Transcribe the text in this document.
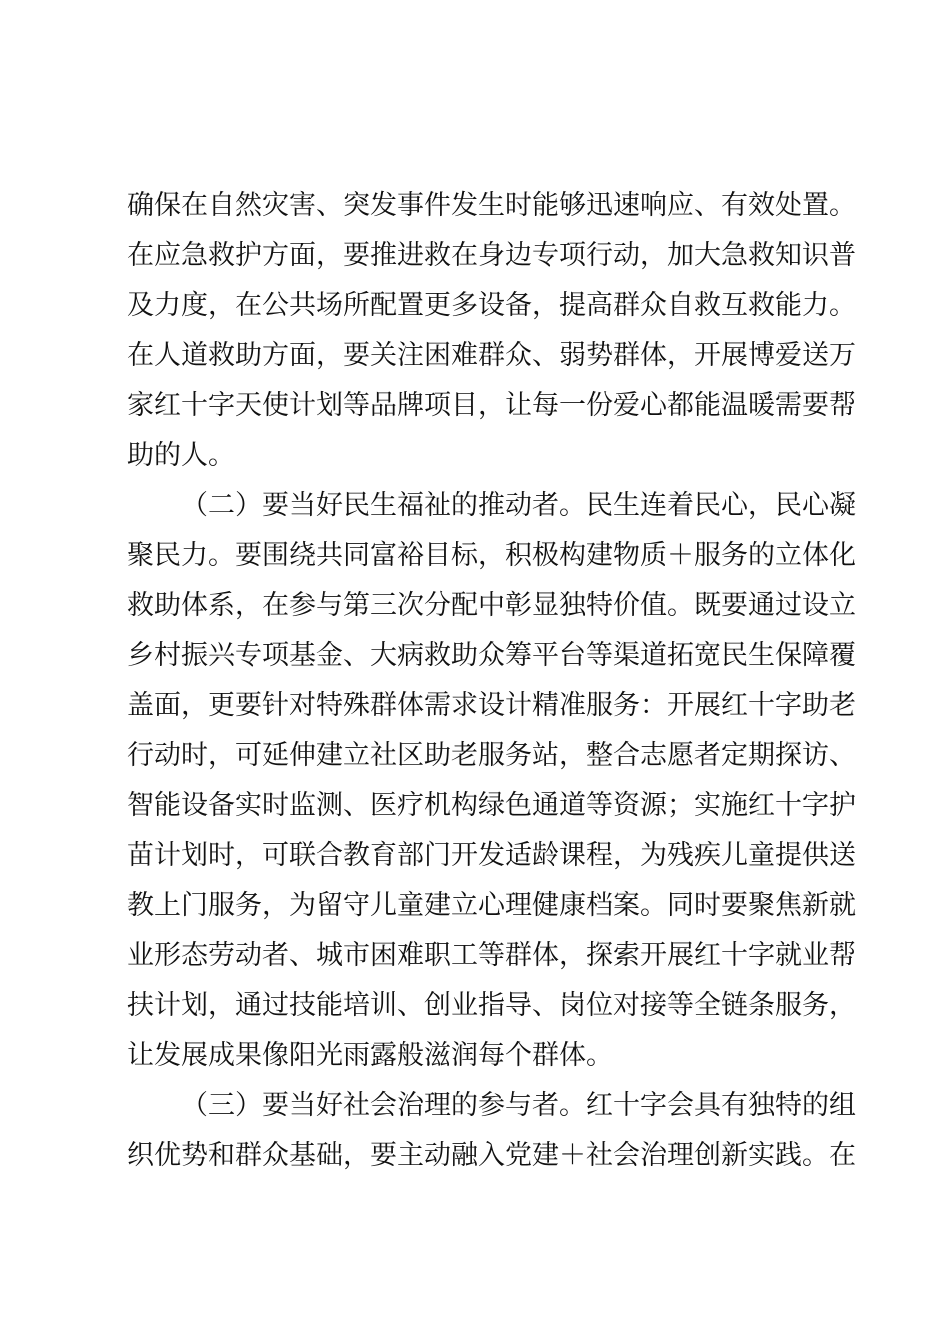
确保在自然灾害、突发事件发生时能够迅速响应、有效处置。
在应急救护方面，要推进救在身边专项行动，加大急救知识普
及力度，在公共场所配置更多设备，提高群众自救互救能力。
在人道救助方面，要关注困难群众、弱势群体，开展博爱送万
家红十字天使计划等品牌项目，让每一份爱心都能温暖需要帮
助的人。
（二）要当好民生福祉的推动者。民生连着民心，民心凝
聚民力。要围绕共同富裕目标，积极构建物质＋服务的立体化
救助体系，在参与第三次分配中彰显独特价值。既要通过设立
乡村振兴专项基金、大病救助众筹平台等渠道拓宽民生保障覆
盖面，更要针对特殊群体需求设计精准服务：开展红十字助老
行动时，可延伸建立社区助老服务站，整合志愿者定期探访、
智能设备实时监测、医疗机构绿色通道等资源；实施红十字护
苗计划时，可联合教育部门开发适龄课程，为残疾儿童提供送
教上门服务，为留守儿童建立心理健康档案。同时要聚焦新就
业形态劳动者、城市困难职工等群体，探索开展红十字就业帮
扶计划，通过技能培训、创业指导、岗位对接等全链条服务，
让发展成果像阳光雨露般滋润每个群体。
（三）要当好社会治理的参与者。红十字会具有独特的组
织优势和群众基础，要主动融入党建＋社会治理创新实践。在
